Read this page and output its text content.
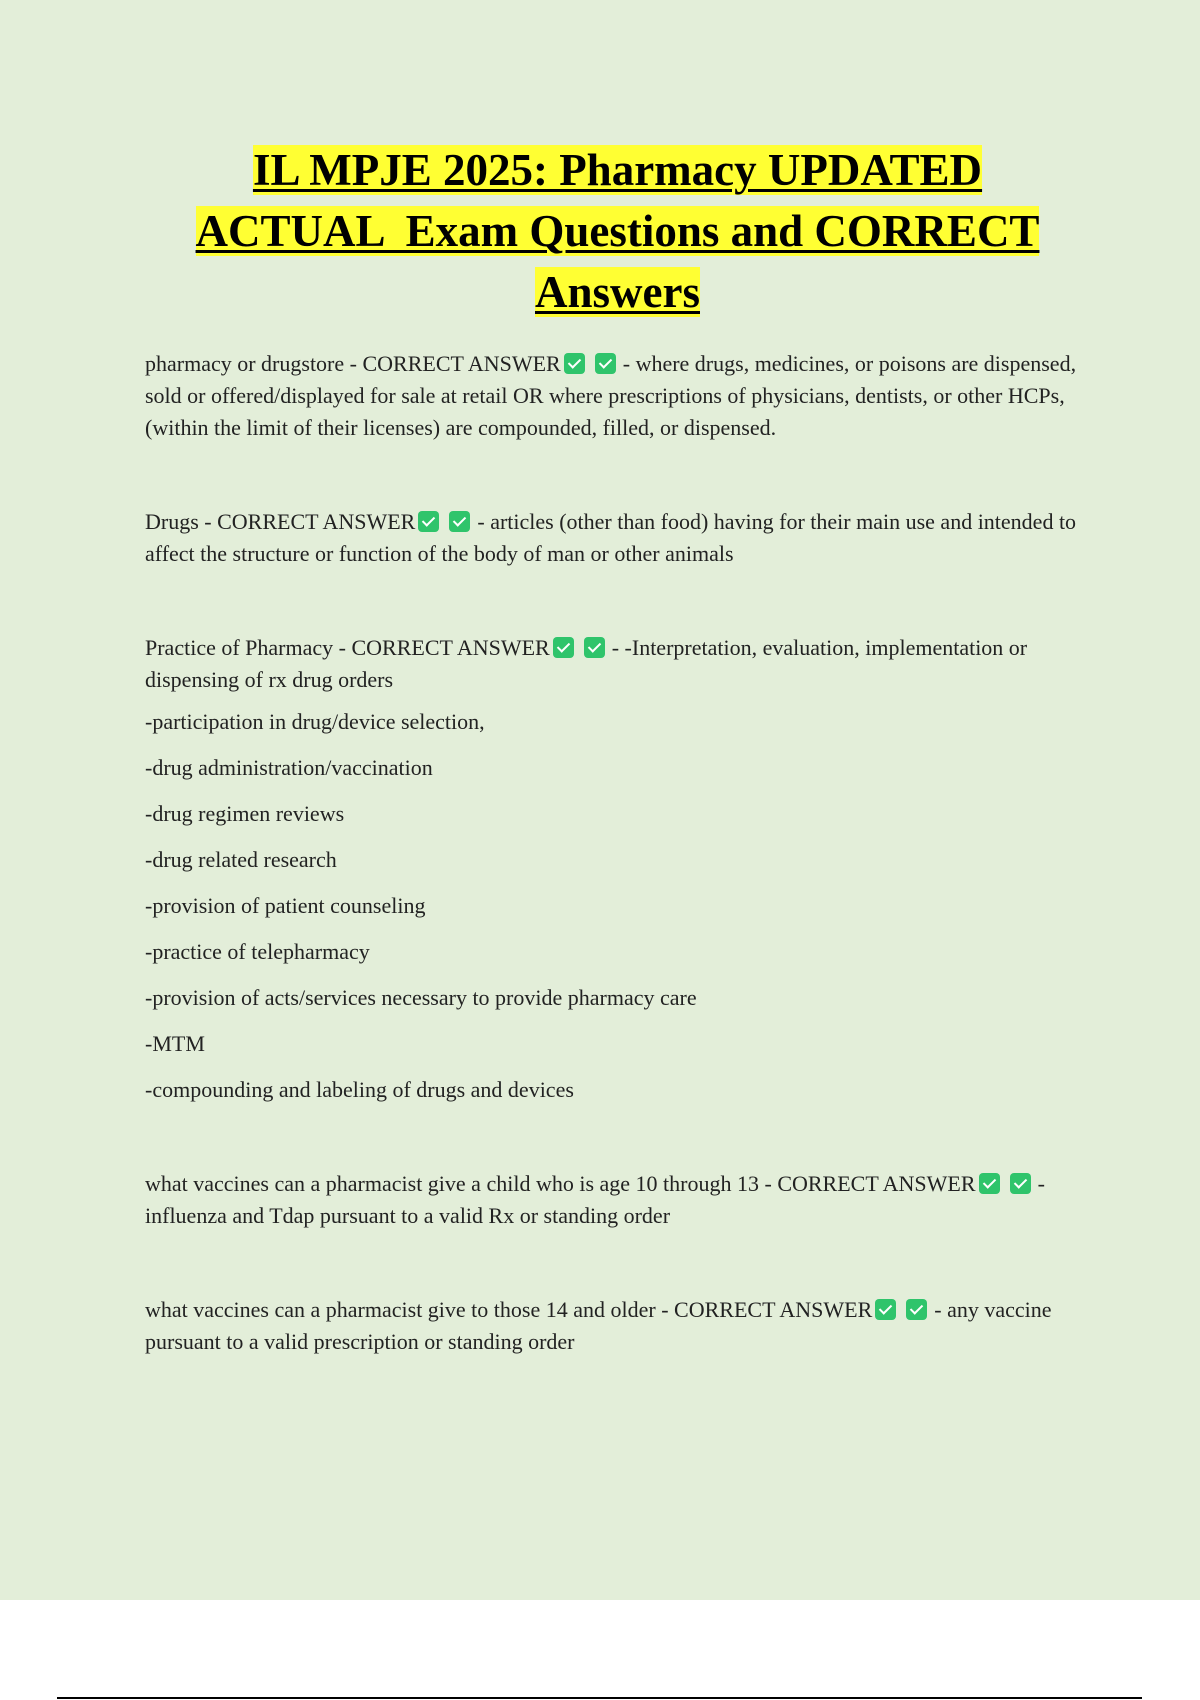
IL MPJE 2025: Pharmacy UPDATED
ACTUAL  Exam Questions and CORRECT
Answers

pharmacy or drugstore - CORRECT ANSWER	- where drugs, medicines, or poisons are dispensed, sold or offered/displayed for sale at retail OR where prescriptions of physicians, dentists, or other HCPs, (within the limit of their licenses) are compounded, filled, or dispensed.

Drugs - CORRECT ANSWER	- articles (other than food) having for their main use and intended to affect the structure or function of the body of man or other animals

Practice of Pharmacy - CORRECT ANSWER	- -Interpretation, evaluation, implementation or dispensing of rx drug orders

-participation in drug/device selection,

-drug administration/vaccination

-drug regimen reviews

-drug related research

-provision of patient counseling

-practice of telepharmacy

-provision of acts/services necessary to provide pharmacy care

-MTM

-compounding and labeling of drugs and devices

what vaccines can a pharmacist give a child who is age 10 through 13 - CORRECT ANSWER	- influenza and Tdap pursuant to a valid Rx or standing order

what vaccines can a pharmacist give to those 14 and older - CORRECT ANSWER	- any vaccine pursuant to a valid prescription or standing order
